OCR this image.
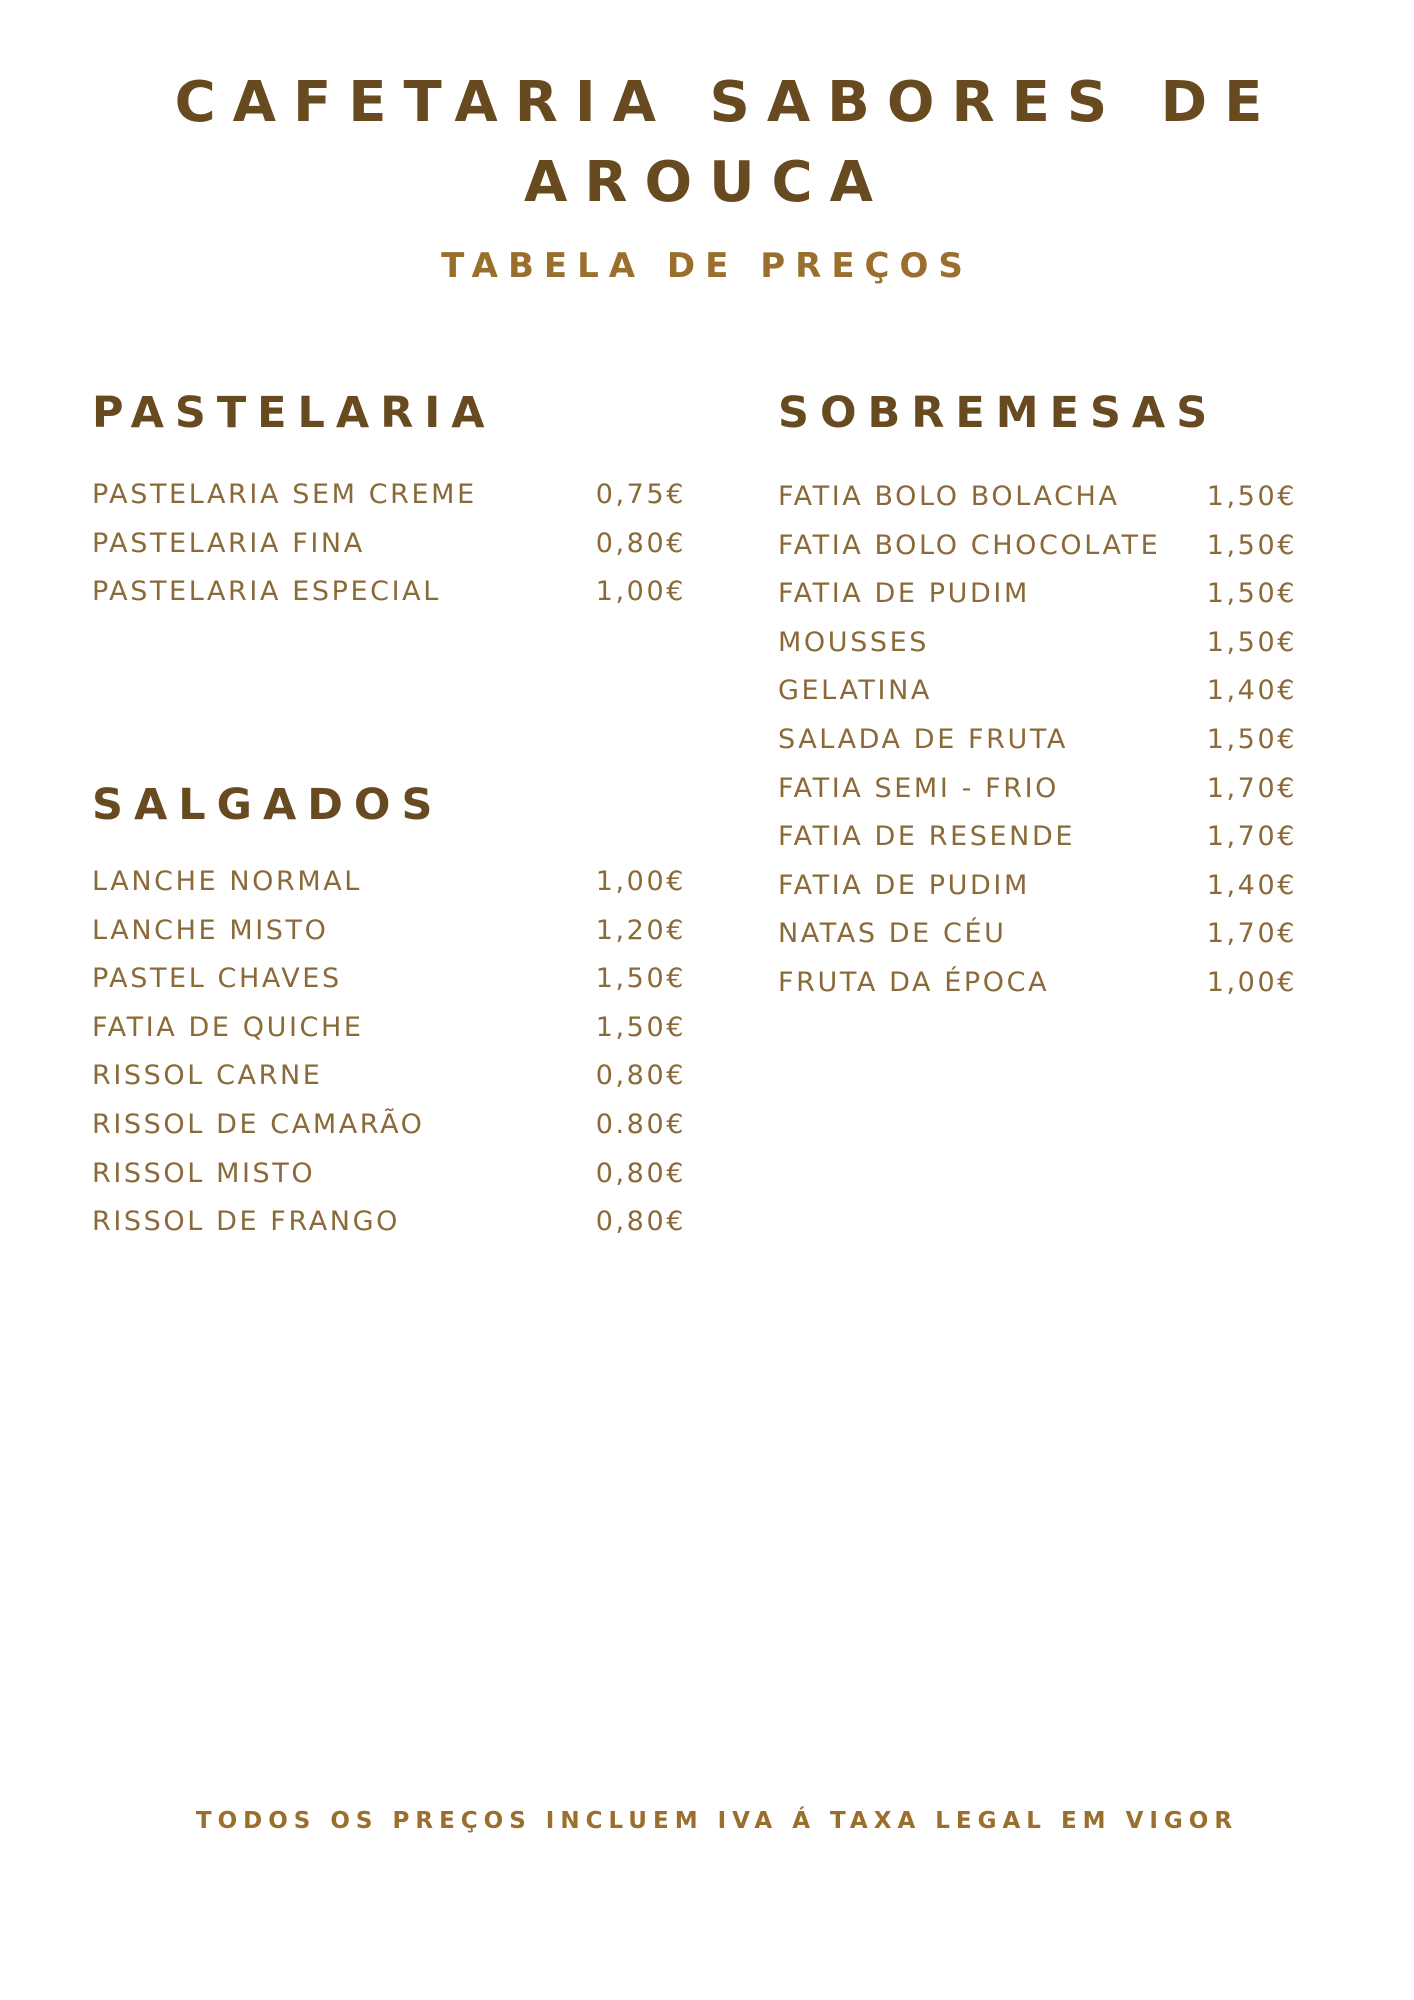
CAFETARIA SABORES DE
AROUCA
TABELA DE PREÇOS
PASTELARIA
PASTELARIA SEM CREME	0,75€
PASTELARIA FINA	0,80€
PASTELARIA ESPECIAL	1,00€
SALGADOS
LANCHE NORMAL	1,00€
LANCHE MISTO	1,20€
PASTEL CHAVES	1,50€
FATIA DE QUICHE	1,50€
RISSOL CARNE	0,80€
RISSOL DE CAMARÃO	0.80€
RISSOL MISTO	0,80€
RISSOL DE FRANGO	0,80€
SOBREMESAS
FATIA BOLO BOLACHA	1,50€
FATIA BOLO CHOCOLATE 1,50€
FATIA DE PUDIM	1,50€
MOUSSES	1,50€
GELATINA	1,40€
SALADA DE FRUTA	1,50€
FATIA SEMI - FRIO	1,70€
FATIA DE RESENDE	1,70€
FATIA DE PUDIM	1,40€
NATAS DE CÉU	1,70€
FRUTA DA ÉPOCA	1,00€

TODOS OS PREÇOS INCLUEM IVA Á TAXA LEGAL EM VIGOR
